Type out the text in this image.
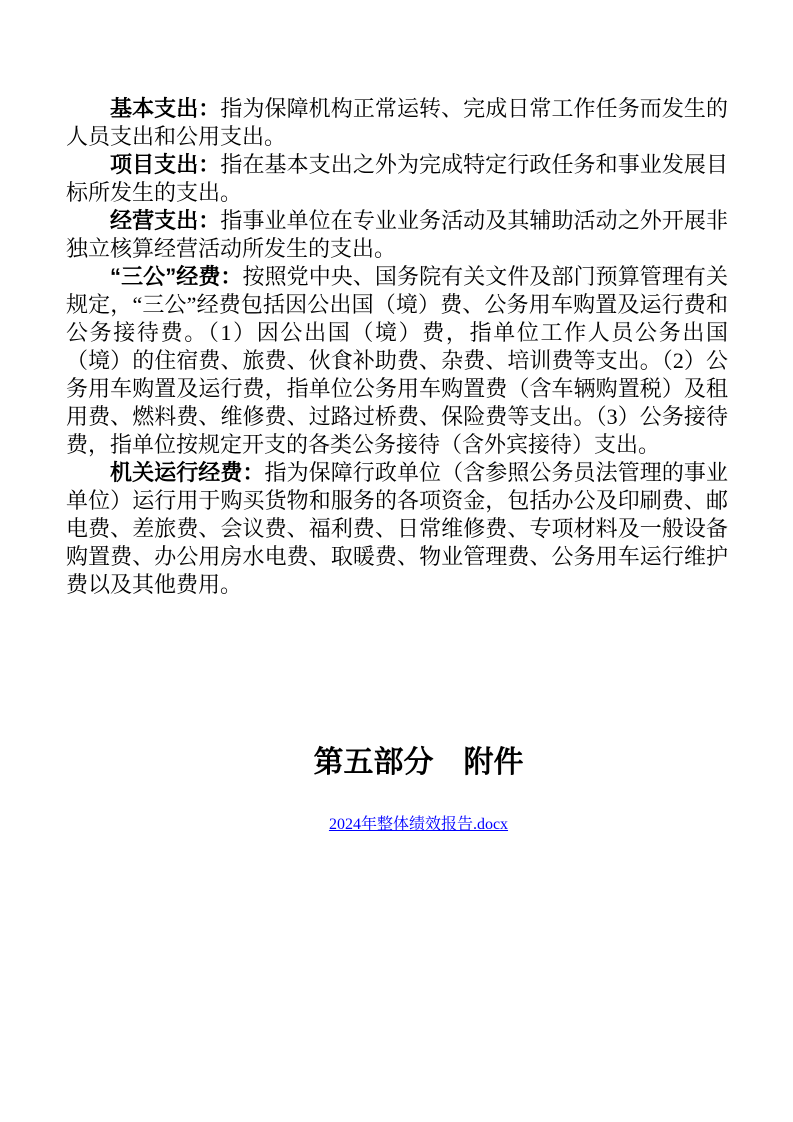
基本支出：指为保障机构正常运转、完成日常工作任务而发生的人员支出和公用支出。

项目支出：指在基本支出之外为完成特定行政任务和事业发展目标所发生的支出。

经营支出：指事业单位在专业业务活动及其辅助活动之外开展非独立核算经营活动所发生的支出。

“三公”经费：按照党中央、国务院有关文件及部门预算管理有关规定，“三公”经费包括因公出国（境）费、公务用车购置及运行费和公务接待费。（1）因公出国（境）费，指单位工作人员公务出国（境）的住宿费、旅费、伙食补助费、杂费、培训费等支出。（2）公务用车购置及运行费，指单位公务用车购置费（含车辆购置税）及租用费、燃料费、维修费、过路过桥费、保险费等支出。（3）公务接待费，指单位按规定开支的各类公务接待（含外宾接待）支出。

机关运行经费：指为保障行政单位（含参照公务员法管理的事业单位）运行用于购买货物和服务的各项资金，包括办公及印刷费、邮电费、差旅费、会议费、福利费、日常维修费、专项材料及一般设备购置费、办公用房水电费、取暖费、物业管理费、公务用车运行维护费以及其他费用。

第五部分　附件

2024年整体绩效报告.docx
